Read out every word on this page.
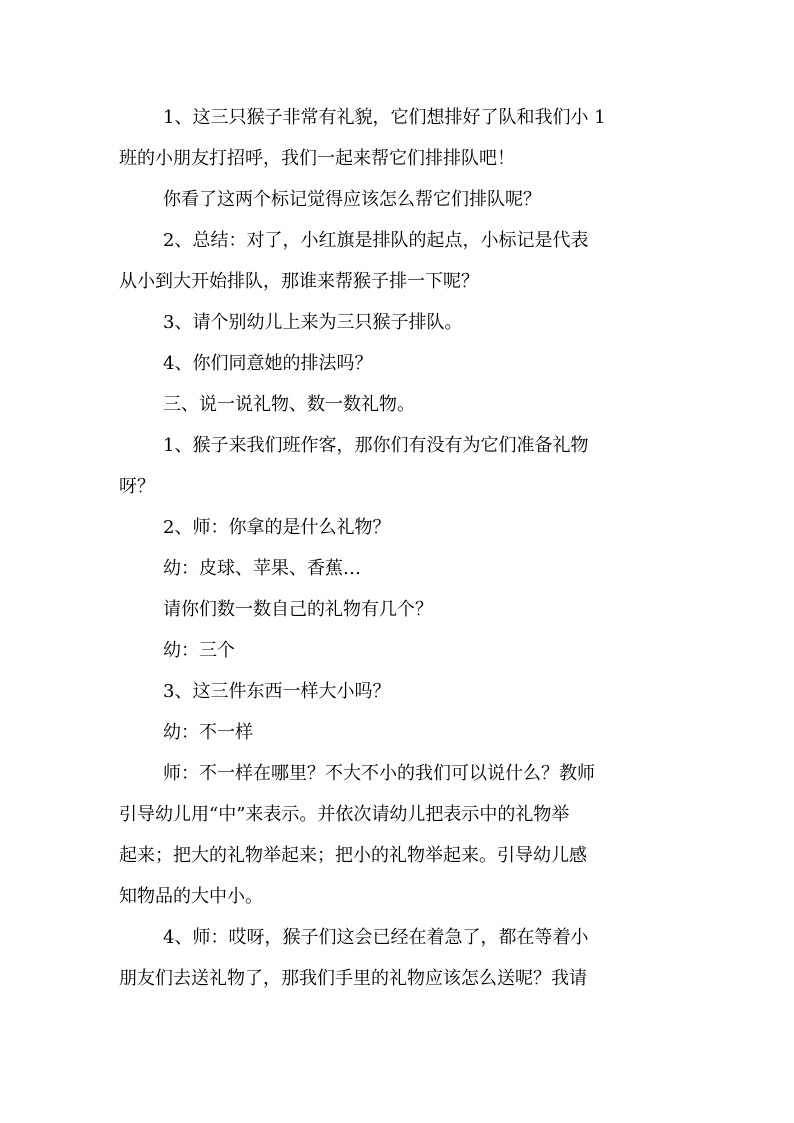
1、这三只猴子非常有礼貌，它们想排好了队和我们小 1
班的小朋友打招呼，我们一起来帮它们排排队吧！
你看了这两个标记觉得应该怎么帮它们排队呢？
2、总结：对了，小红旗是排队的起点，小标记是代表
从小到大开始排队，那谁来帮猴子排一下呢？
3、请个别幼儿上来为三只猴子排队。
4、你们同意她的排法吗？
三、说一说礼物、数一数礼物。
1、猴子来我们班作客，那你们有没有为它们准备礼物
呀？
2、师：你拿的是什么礼物？
幼：皮球、苹果、香蕉…
请你们数一数自己的礼物有几个？
幼：三个
3、这三件东西一样大小吗？
幼：不一样
师：不一样在哪里？不大不小的我们可以说什么？教师
引导幼儿用“中”来表示。并依次请幼儿把表示中的礼物举
起来；把大的礼物举起来；把小的礼物举起来。引导幼儿感
知物品的大中小。
4、师：哎呀，猴子们这会已经在着急了，都在等着小
朋友们去送礼物了，那我们手里的礼物应该怎么送呢？我请
